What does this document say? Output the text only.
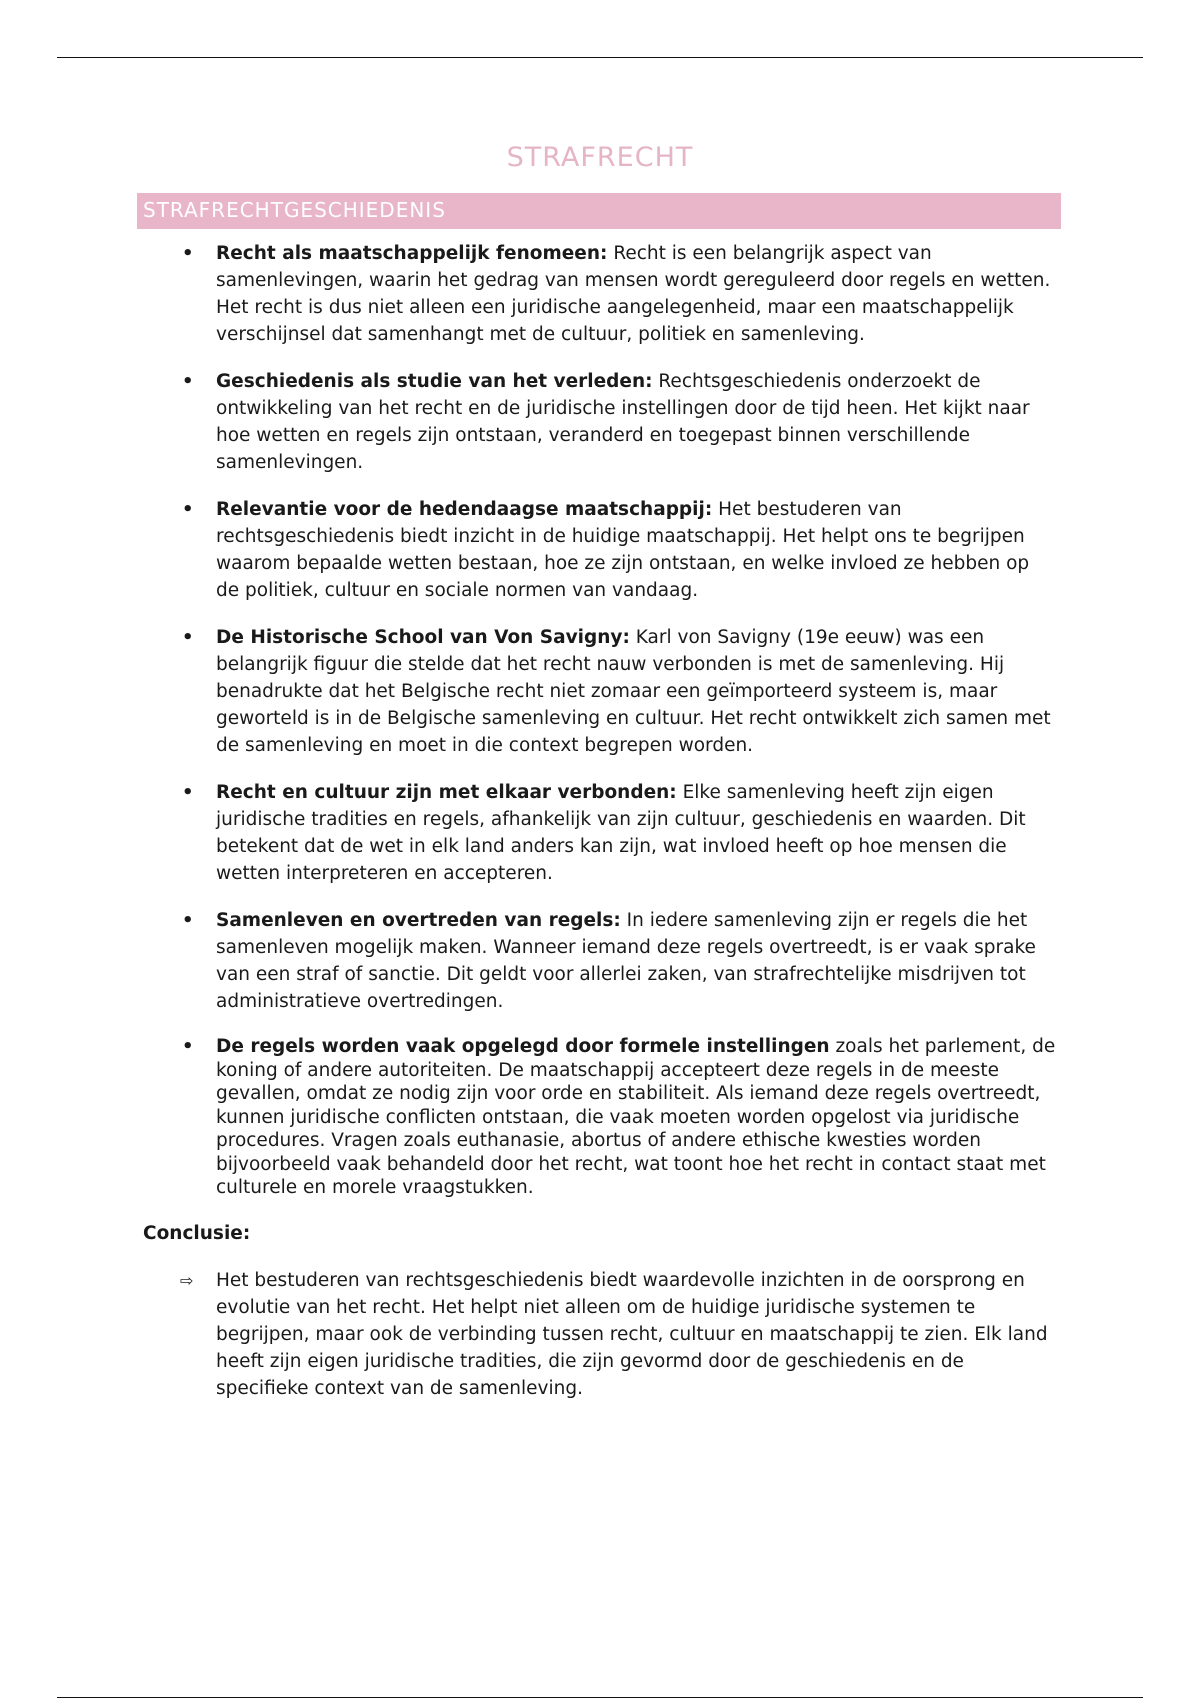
STRAFRECHT
STRAFRECHTGESCHIEDENIS
• Recht als maatschappelijk fenomeen: Recht is een belangrijk aspect van samenlevingen, waarin het gedrag van mensen wordt gereguleerd door regels en wetten. Het recht is dus niet alleen een juridische aangelegenheid, maar een maatschappelijk verschijnsel dat samenhangt met de cultuur, politiek en samenleving.
• Geschiedenis als studie van het verleden: Rechtsgeschiedenis onderzoekt de ontwikkeling van het recht en de juridische instellingen door de tijd heen. Het kijkt naar hoe wetten en regels zijn ontstaan, veranderd en toegepast binnen verschillende samenlevingen.
• Relevantie voor de hedendaagse maatschappij: Het bestuderen van rechtsgeschiedenis biedt inzicht in de huidige maatschappij. Het helpt ons te begrijpen waarom bepaalde wetten bestaan, hoe ze zijn ontstaan, en welke invloed ze hebben op de politiek, cultuur en sociale normen van vandaag.
• De Historische School van Von Savigny: Karl von Savigny (19e eeuw) was een belangrijk figuur die stelde dat het recht nauw verbonden is met de samenleving. Hij benadrukte dat het Belgische recht niet zomaar een geïmporteerd systeem is, maar geworteld is in de Belgische samenleving en cultuur. Het recht ontwikkelt zich samen met de samenleving en moet in die context begrepen worden.
• Recht en cultuur zijn met elkaar verbonden: Elke samenleving heeft zijn eigen juridische tradities en regels, afhankelijk van zijn cultuur, geschiedenis en waarden. Dit betekent dat de wet in elk land anders kan zijn, wat invloed heeft op hoe mensen die wetten interpreteren en accepteren.
• Samenleven en overtreden van regels: In iedere samenleving zijn er regels die het samenleven mogelijk maken. Wanneer iemand deze regels overtreedt, is er vaak sprake van een straf of sanctie. Dit geldt voor allerlei zaken, van strafrechtelijke misdrijven tot administratieve overtredingen.
• De regels worden vaak opgelegd door formele instellingen zoals het parlement, de koning of andere autoriteiten. De maatschappij accepteert deze regels in de meeste gevallen, omdat ze nodig zijn voor orde en stabiliteit. Als iemand deze regels overtreedt, kunnen juridische conflicten ontstaan, die vaak moeten worden opgelost via juridische procedures. Vragen zoals euthanasie, abortus of andere ethische kwesties worden bijvoorbeeld vaak behandeld door het recht, wat toont hoe het recht in contact staat met culturele en morele vraagstukken.
Conclusie:
⇨ Het bestuderen van rechtsgeschiedenis biedt waardevolle inzichten in de oorsprong en evolutie van het recht. Het helpt niet alleen om de huidige juridische systemen te begrijpen, maar ook de verbinding tussen recht, cultuur en maatschappij te zien. Elk land heeft zijn eigen juridische tradities, die zijn gevormd door de geschiedenis en de specifieke context van de samenleving.
